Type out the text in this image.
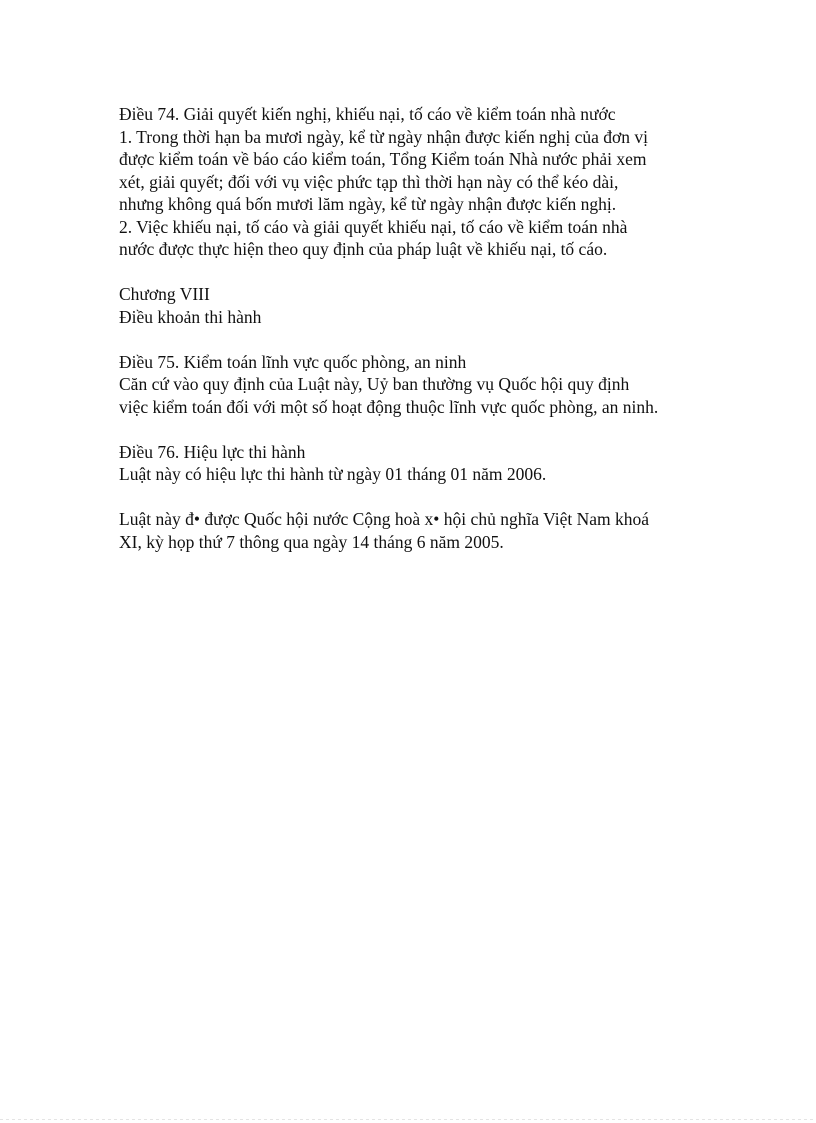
Điều 74. Giải quyết kiến nghị, khiếu nại, tố cáo về kiểm toán nhà nước
1. Trong thời hạn ba mươi ngày, kể từ ngày nhận được kiến nghị của đơn vị
được kiểm toán về báo cáo kiểm toán, Tổng Kiểm toán Nhà nước phải xem
xét, giải quyết; đối với vụ việc phức tạp thì thời hạn này có thể kéo dài,
nhưng không quá bốn mươi lăm ngày, kể từ ngày nhận được kiến nghị.
2. Việc khiếu nại, tố cáo và giải quyết khiếu nại, tố cáo về kiểm toán nhà
nước được thực hiện theo quy định của pháp luật về khiếu nại, tố cáo.
Chương VIII
Điều khoản thi hành
Điều 75. Kiểm toán lĩnh vực quốc phòng, an ninh
Căn cứ vào quy định của Luật này, Uỷ ban thường vụ Quốc hội quy định
việc kiểm toán đối với một số hoạt động thuộc lĩnh vực quốc phòng, an ninh.
Điều 76. Hiệu lực thi hành
Luật này có hiệu lực thi hành từ ngày 01 tháng 01 năm 2006.
Luật này đ• được Quốc hội nước Cộng hoà x• hội chủ nghĩa Việt Nam khoá
XI, kỳ họp thứ 7 thông qua ngày 14 tháng 6 năm 2005.
